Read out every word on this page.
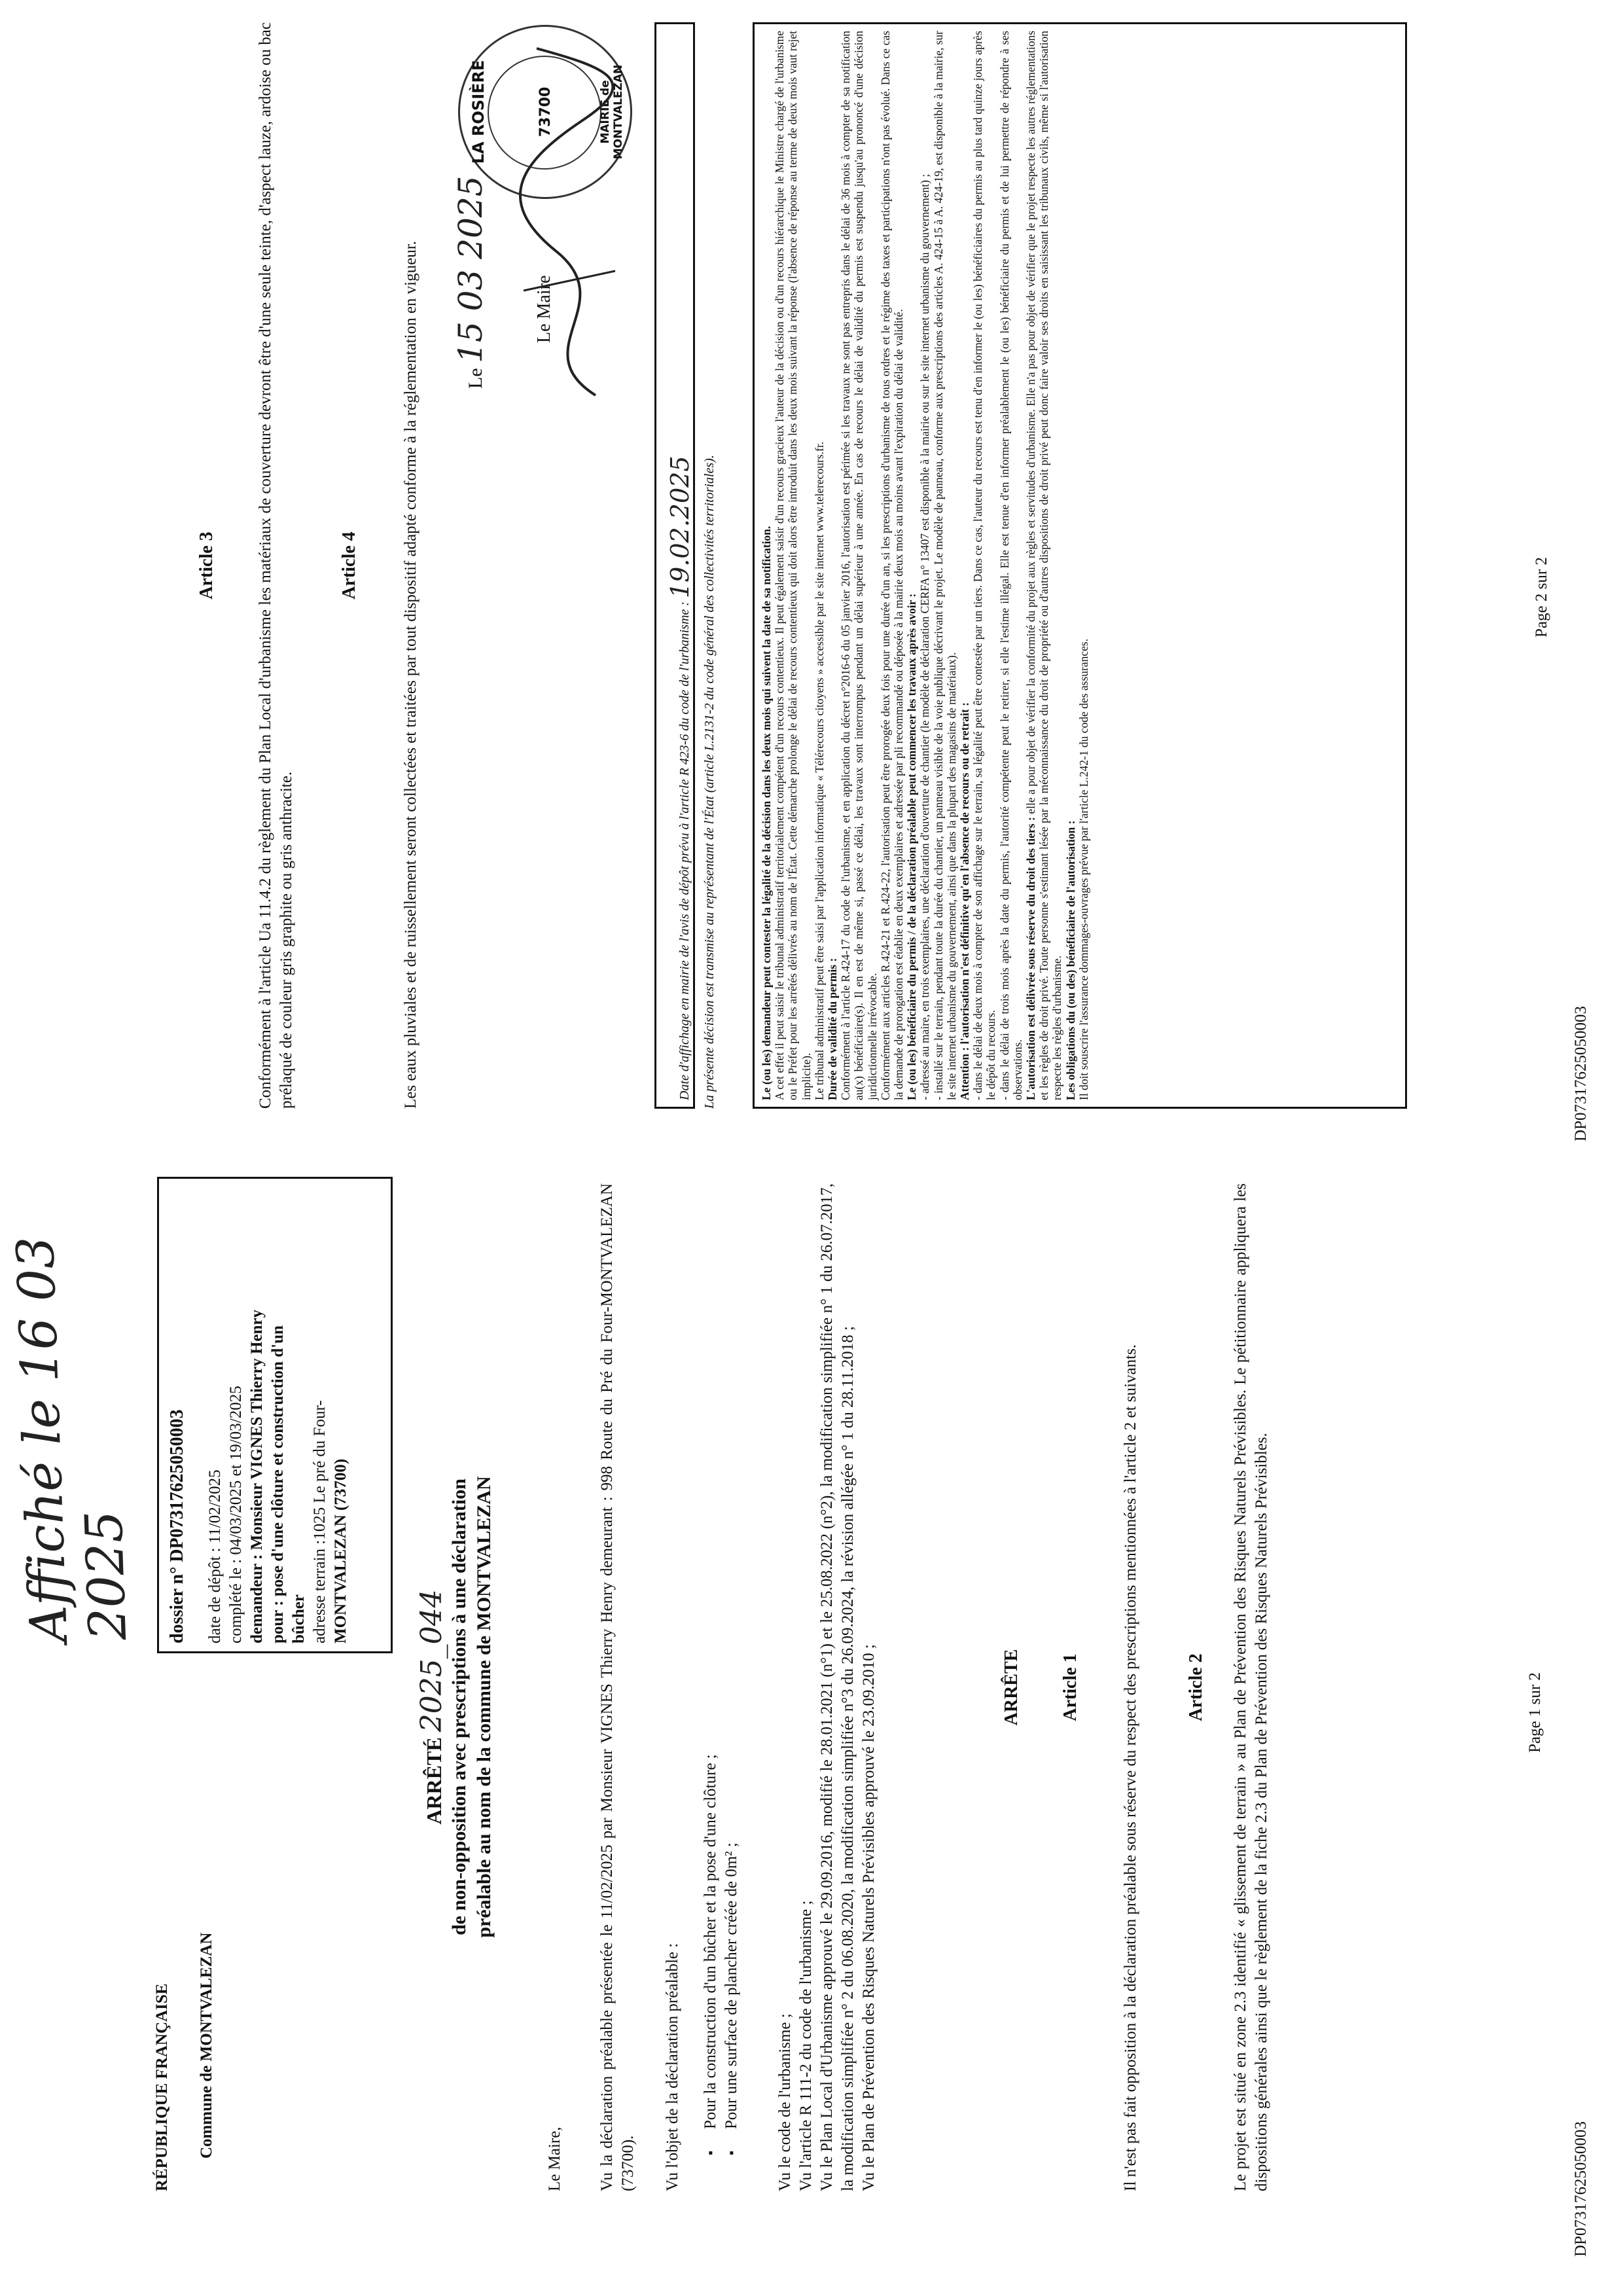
Affiché le 16 03 2025
RÉPUBLIQUE FRANÇAISE Commune de MONTVALEZAN
dossier n° DP07317625050003 date de dépôt : 11/02/2025 complété le : 04/03/2025 et 19/03/2025 demandeur : Monsieur VIGNES Thierry Henry pour : pose d'une clôture et construction d'un bûcher adresse terrain :1025 Le pré du Four- MONTVALEZAN (73700)
ARRÊTÉ 2025_044 de non-opposition avec prescriptions à une déclaration préalable au nom de la commune de MONTVALEZAN
Le Maire, Vu la déclaration préalable présentée le 11/02/2025 par Monsieur VIGNES Thierry Henry demeurant : 998 Route du Pré du Four-MONTVALEZAN (73700). Vu l'objet de la déclaration préalable : ▪ Pour la construction d'un bûcher et la pose d'une clôture ; ▪ Pour une surface de plancher créée de 0m² ; Vu le code de l'urbanisme ; Vu l'article R 111-2 du code de l'urbanisme ; Vu le Plan Local d'Urbanisme approuvé le 29.09.2016, modifié le 28.01.2021 (n°1) et le 25.08.2022 (n°2), la modification simplifiée n° 1 du 26.07.2017, la modification simplifiée n° 2 du 06.08.2020, la modification simplifiée n°3 du 26.09.2024, la révision allégée n° 1 du 28.11.2018 ; Vu le Plan de Prévention des Risques Naturels Prévisibles approuvé le 23.09.2010 ;	ARRÊTE Article 1	Il n'est pas fait opposition à la déclaration préalable sous réserve du respect des prescriptions mentionnées à l'article 2 et suivants.	Article 2 Le projet est situé en zone 2.3 identifié « glissement de terrain » au Plan de Prévention des Risques Naturels Prévisibles. Le pétitionnaire appliquera les dispositions générales ainsi que le règlement de la fiche 2.3 du Plan de Prévention des Risques Naturels Prévisibles.	DP07317625050003
Page 1 sur 2
Article 3 Conformément à l'article Ua 11.4.2 du règlement du Plan Local d'urbanisme les matériaux de couverture devront être d'une seule teinte, d'aspect lauze, ardoise ou bac prélaqué de couleur gris graphite ou gris anthracite.
Article 4	Les eaux pluviales et de ruissellement seront collectées et traitées par tout dispositif adapté conforme à la réglementation en vigueur.	Le 15 03 2025 Le Maire
LA ROSIÈRE	73700	MAIRIE de MONTVALEZAN
Date d'affichage en mairie de l'avis de dépôt prévu à l'article R 423-6 du code de l'urbanisme : 19.02.2025 La présente décision est transmise au représentant de l'État (article L.2131-2 du code général des collectivités territoriales).	Le (ou les) demandeur peut contester la légalité de la décision dans les deux mois qui suivent la date de sa notification. A cet effet il peut saisir le tribunal administratif territorialement compétent d'un recours contentieux. Il peut également saisir d'un recours gracieux l'auteur de la décision ou d'un recours hiérarchique le Ministre chargé de l'urbanisme ou le Préfet pour les arrêtés délivrés au nom de l'État. Cette démarche prolonge le délai de recours contentieux qui doit alors être introduit dans les deux mois suivant la réponse (l'absence de réponse au terme de deux mois vaut rejet implicite). Le tribunal administratif peut être saisi par l'application informatique « Télérecours citoyens » accessible par le site internet www.telerecours.fr. Durée de validité du permis : Conformément à l'article R.424-17 du code de l'urbanisme, et en application du décret n°2016-6 du 05 janvier 2016, l'autorisation est périmée si les travaux ne sont pas entrepris dans le délai de 36 mois à compter de sa notification au(x) bénéficiaire(s). Il en est de même si, passé ce délai, les travaux sont interrompus pendant un délai supérieur à une année. En cas de recours le délai de validité du permis est suspendu jusqu'au prononcé d'une décision juridictionnelle irrévocable. Conformément aux articles R.424-21 et R.424-22, l'autorisation peut être prorogée deux fois pour une durée d'un an, si les prescriptions d'urbanisme de tous ordres et le régime des taxes et participations n'ont pas évolué. Dans ce cas la demande de prorogation est établie en deux exemplaires et adressée par pli recommandé ou déposée à la mairie deux mois au moins avant l'expiration du délai de validité. Le (ou les) bénéficiaire du permis / de la déclaration préalable peut commencer les travaux après avoir : - adressé au maire, en trois exemplaires, une déclaration d'ouverture de chantier (le modèle de déclaration CERFA n° 13407 est disponible à la mairie ou sur le site internet urbanisme du gouvernement) ; - installé sur le terrain, pendant toute la durée du chantier, un panneau visible de la voie publique décrivant le projet. Le modèle de panneau, conforme aux prescriptions des articles A. 424-15 à A. 424-19, est disponible à la mairie, sur le site internet urbanisme du gouvernement, ainsi que dans la plupart des magasins de matériaux). Attention : l'autorisation n'est définitive qu'en l'absence de recours ou de retrait : - dans le délai de deux mois à compter de son affichage sur le terrain, sa légalité peut être contestée par un tiers. Dans ce cas, l'auteur du recours est tenu d'en informer le (ou les) bénéficiaires du permis au plus tard quinze jours après le dépôt du recours. - dans le délai de trois mois après la date du permis, l'autorité compétente peut le retirer, si elle l'estime illégal. Elle est tenue d'en informer préalablement le (ou les) bénéficiaire du permis et de lui permettre de répondre à ses observations. L'autorisation est délivrée sous réserve du droit des tiers : elle a pour objet de vérifier la conformité du projet aux règles et servitudes d'urbanisme. Elle n'a pas pour objet de vérifier que le projet respecte les autres réglementations et les règles de droit privé. Toute personne s'estimant lésée par la méconnaissance du droit de propriété ou d'autres dispositions de droit privé peut donc faire valoir ses droits en saisissant les tribunaux civils, même si l'autorisation respecte les règles d'urbanisme. Les obligations du (ou des) bénéficiaire de l'autorisation : Il doit souscrire l'assurance dommages-ouvrages prévue par l'article L.242-1 du code des assurances.	DP07317625050003
Page 2 sur 2
